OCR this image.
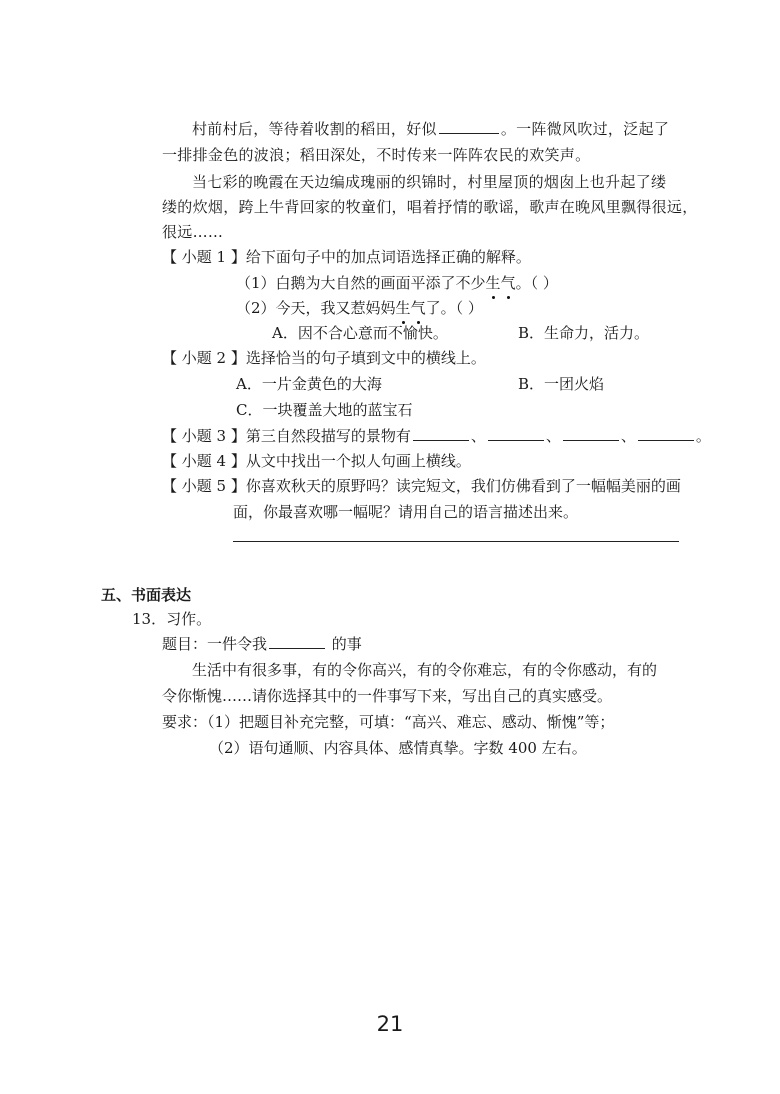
村前村后，等待着收割的稻田，好似	。一阵微风吹过，泛起了
一排排金色的波浪；稻田深处，不时传来一阵阵农民的欢笑声。
当七彩的晚霞在天边编成瑰丽的织锦时，村里屋顶的烟囱上也升起了缕
缕的炊烟，跨上牛背回家的牧童们，唱着抒情的歌谣，歌声在晚风里飘得很远，
很远……
【 小题 1 】给下面句子中的加点词语选择正确的解释。
（1）白鹅为大自然的画面平添了不少生气。（ ）
（2）今天，我又惹妈妈生气了。（ ）
A．因不合心意而不愉快。	B．生命力，活力。
【 小题 2 】选择恰当的句子填到文中的横线上。
A．一片金黄色的大海	B．一团火焰
C．一块覆盖大地的蓝宝石
【 小题 3 】第三自然段描写的景物有	、	、	、	。
【 小题 4 】从文中找出一个拟人句画上横线。
【 小题 5 】你喜欢秋天的原野吗？读完短文，我们仿佛看到了一幅幅美丽的画
面，你最喜欢哪一幅呢？请用自己的语言描述出来。
五、书面表达
13．习作。
题目：一件令我	的事
生活中有很多事，有的令你高兴，有的令你难忘，有的令你感动，有的
令你惭愧……请你选择其中的一件事写下来，写出自己的真实感受。
要求：（1）把题目补充完整，可填：“高兴、难忘、感动、惭愧”等；
（2）语句通顺、内容具体、感情真挚。字数 400 左右。
21
